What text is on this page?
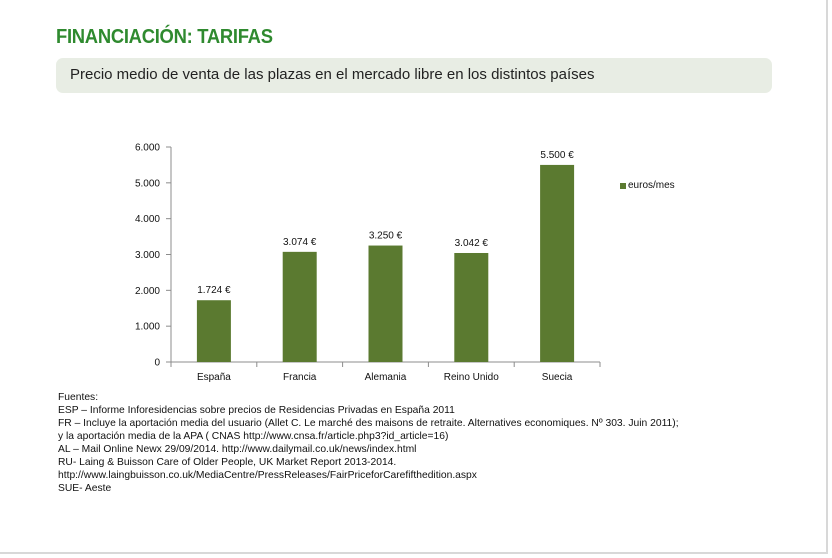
FINANCIACIÓN: TARIFAS
Precio medio de venta de las plazas en el mercado libre en los distintos países
0
1.000
2.000
3.000
4.000
5.000
6.000
1.724 €
España
3.074 €
Francia
3.250 €
Alemania
3.042 €
Reino Unido
5.500 €
Suecia
euros/mes
Fuentes:
ESP – Informe Inforesidencias sobre precios de Residencias Privadas en España 2011
FR – Incluye la aportación media del usuario (Allet C. Le marché des maisons de retraite. Alternatives economiques. Nº 303. Juin 2011);
y la aportación media de la APA ( CNAS http://www.cnsa.fr/article.php3?id_article=16)
AL – Mail Online Newx 29/09/2014. http://www.dailymail.co.uk/news/index.html
RU- Laing & Buisson Care of Older People, UK Market Report 2013-2014.
http://www.laingbuisson.co.uk/MediaCentre/PressReleases/FairPriceforCarefifthedition.aspx
SUE- Aeste
